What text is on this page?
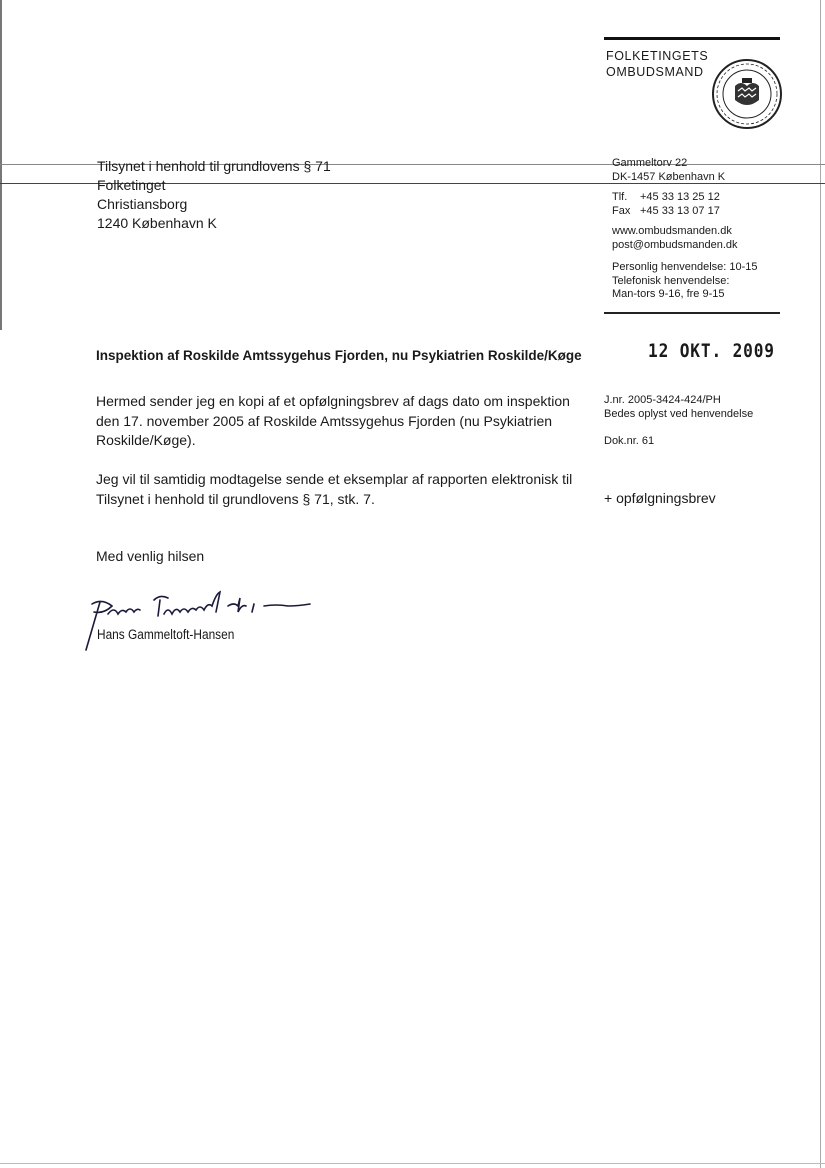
FOLKETINGETS
OMBUDSMAND
Tilsynet i henhold til grundlovens § 71
Folketinget
Christiansborg
1240 København K
Gammeltorv 22
DK-1457 København K
Tlf. +45 33 13 25 12
Fax +45 33 13 07 17
www.ombudsmanden.dk
post@ombudsmanden.dk
Personlig henvendelse: 10-15
Telefonisk henvendelse:
Man-tors 9-16, fre 9-15
Inspektion af Roskilde Amtssygehus Fjorden, nu Psykiatrien Roskilde/Køge	12 OKT. 2009
J.nr. 2005-3424-424/PH
Bedes oplyst ved henvendelse
Dok.nr. 61
Hermed sender jeg en kopi af et opfølgningsbrev af dags dato om inspektion den 17. november 2005 af Roskilde Amtssygehus Fjorden (nu Psykiatrien Roskilde/Køge).
Jeg vil til samtidig modtagelse sende et eksemplar af rapporten elektronisk til Tilsynet i henhold til grundlovens § 71, stk. 7.	+ opfølgningsbrev
Med venlig hilsen
Hans Gammeltoft-Hansen
